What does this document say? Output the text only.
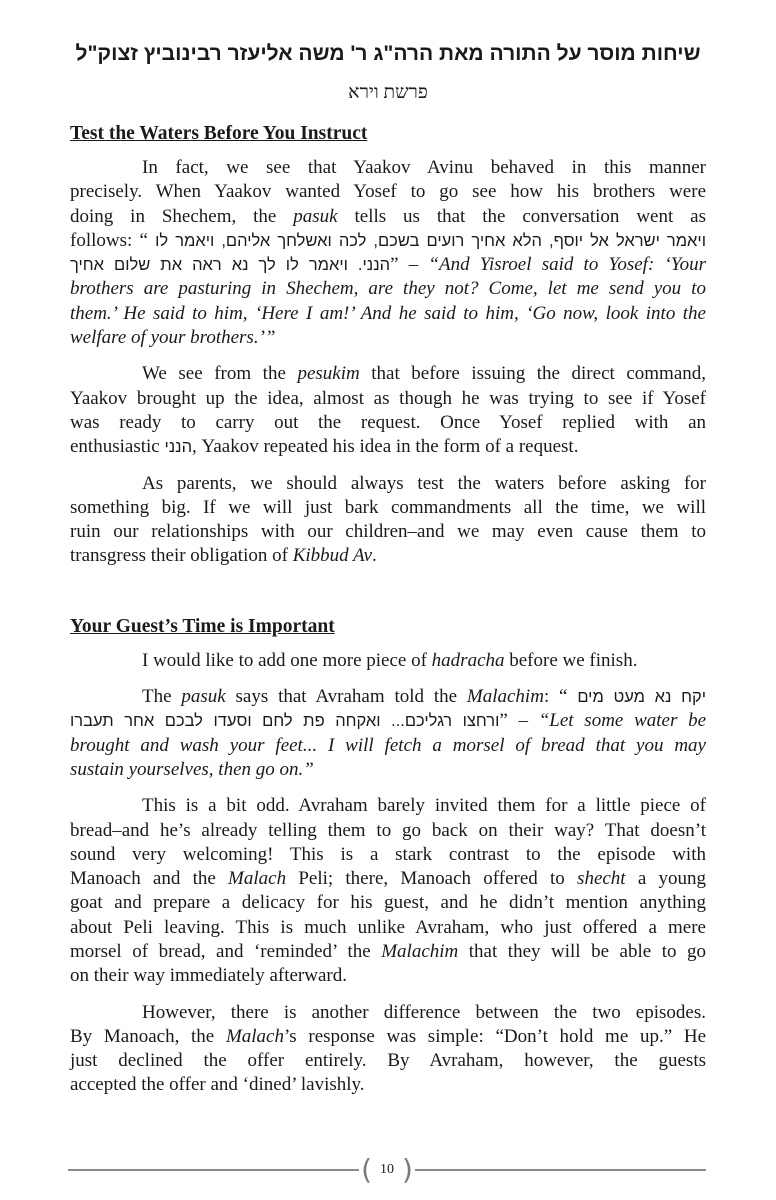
שיחות מוסר על התורה מאת הרה"ג ר' משה אליעזר רבינוביץ זצוק"ל
פרשת וירא
Test the Waters Before You Instruct
In fact, we see that Yaakov Avinu behaved in this manner
precisely. When Yaakov wanted Yosef to go see how his brothers were
doing in Shechem, the pasuk tells us that the conversation went as
follows: “ ויאמר ישראל אל יוסף, הלא אחיך רועים בשכם, לכה ואשלחך אליהם, ויאמר לו
הנני. ויאמר לו לך נא ראה את שלום אחיך” – “And Yisroel said to Yosef: ‘Your
brothers are pasturing in Shechem, are they not? Come, let me send you to
them.’ He said to him, ‘Here I am!’ And he said to him, ‘Go now, look into the
welfare of your brothers.’”
We see from the pesukim that before issuing the direct command,
Yaakov brought up the idea, almost as though he was trying to see if Yosef
was ready to carry out the request. Once Yosef replied with an
enthusiastic הנני, Yaakov repeated his idea in the form of a request.
As parents, we should always test the waters before asking for
something big. If we will just bark commandments all the time, we will
ruin our relationships with our children–and we may even cause them to
transgress their obligation of Kibbud Av.
Your Guest’s Time is Important
I would like to add one more piece of hadracha before we finish.
The pasuk says that Avraham told the Malachim: “ יקח נא מעט מים
ורחצו רגליכם... ואקחה פת לחם וסעדו לבכם אחר תעברו” – “Let some water be
brought and wash your feet... I will fetch a morsel of bread that you may
sustain yourselves, then go on.”
This is a bit odd. Avraham barely invited them for a little piece of
bread–and he’s already telling them to go back on their way? That doesn’t
sound very welcoming! This is a stark contrast to the episode with
Manoach and the Malach Peli; there, Manoach offered to shecht a young
goat and prepare a delicacy for his guest, and he didn’t mention anything
about Peli leaving. This is much unlike Avraham, who just offered a mere
morsel of bread, and ‘reminded’ the Malachim that they will be able to go
on their way immediately afterward.
However, there is another difference between the two episodes.
By Manoach, the Malach’s response was simple: “Don’t hold me up.” He
just declined the offer entirely. By Avraham, however, the guests
accepted the offer and ‘dined’ lavishly.
( 10 )
